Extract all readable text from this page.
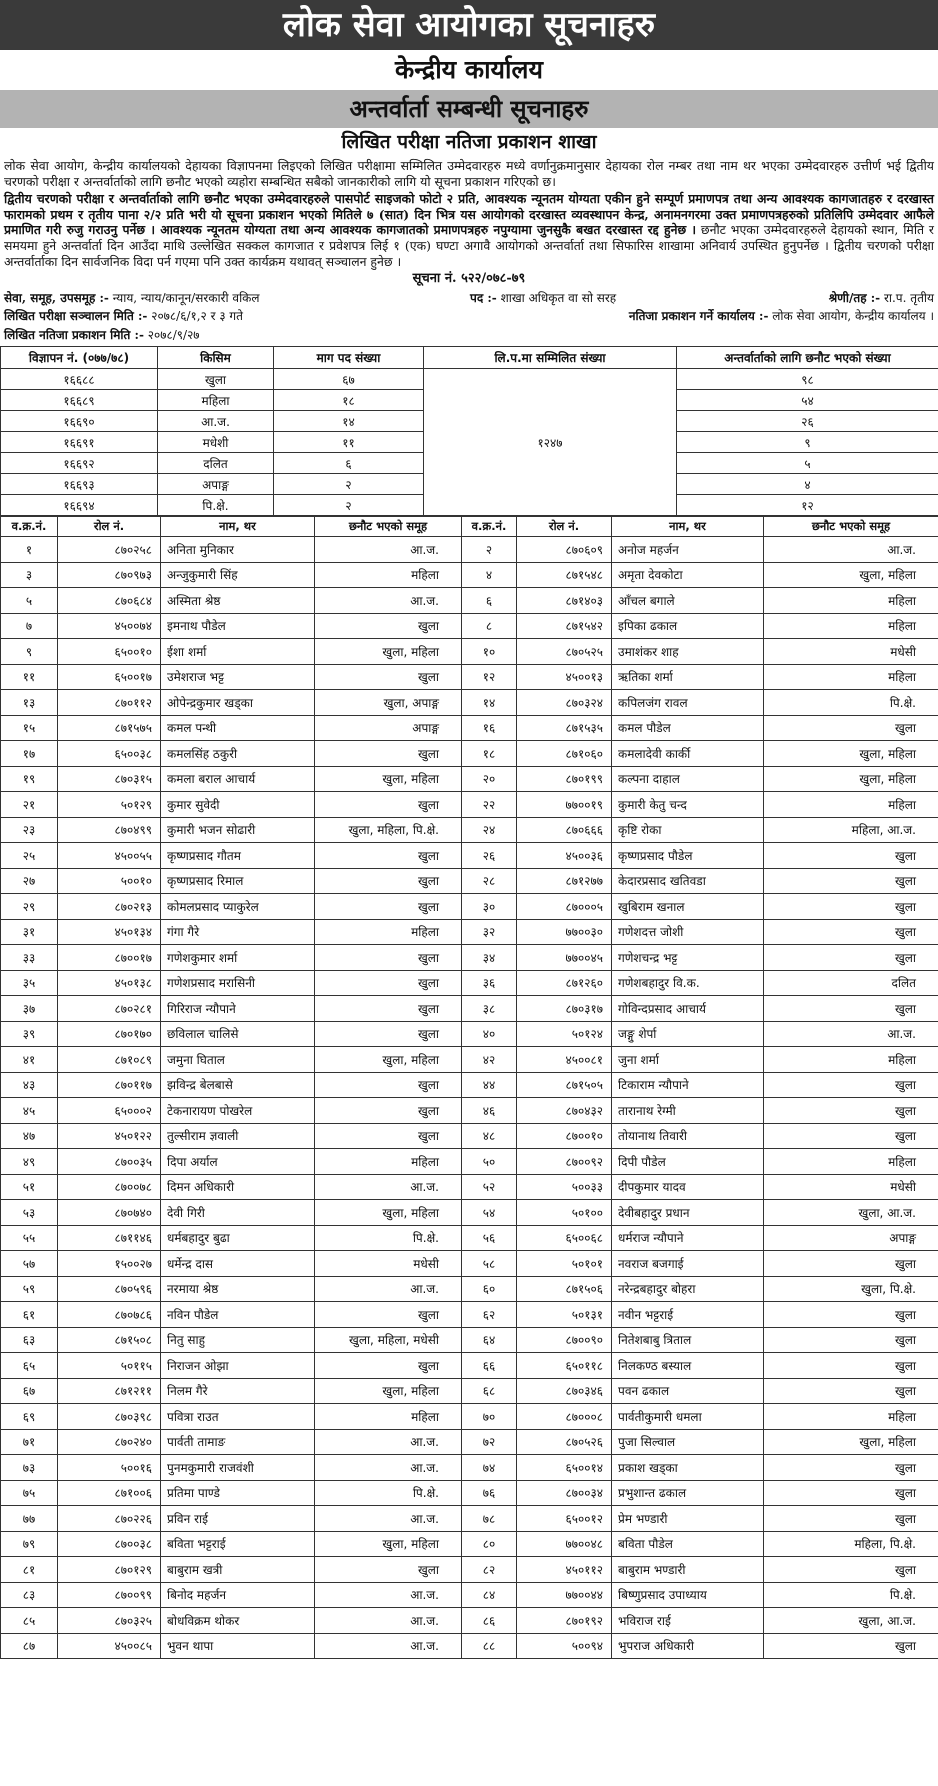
लोक सेवा आयोगका सूचनाहरु
केन्द्रीय कार्यालय
अन्तर्वार्ता सम्बन्धी सूचनाहरु
लिखित परीक्षा नतिजा प्रकाशन शाखा
लोक सेवा आयोग, केन्द्रीय कार्यालयको देहायका विज्ञापनमा लिइएको लिखित परीक्षामा सम्मिलित उम्मेदवारहरु मध्ये वर्णानुक्रमानुसार देहायका रोल नम्बर तथा नाम थर भएका उम्मेदवारहरु उत्तीर्ण भई द्वितीय चरणको परीक्षा र अन्तर्वार्ताको लागि छनौट भएको व्यहोरा सम्बन्धित सबैको जानकारीको लागि यो सूचना प्रकाशन गरिएको छ।
द्वितीय चरणको परीक्षा र अन्तर्वार्ताको लागि छनौट भएका उम्मेदवारहरुले पासपोर्ट साइजको फोटो २ प्रति, आवश्यक न्यूनतम योग्यता एकीन हुने सम्पूर्ण प्रमाणपत्र तथा अन्य आवश्यक कागजातहरु र दरखास्त फारामको प्रथम र तृतीय पाना २/२ प्रति भरी यो सूचना प्रकाशन भएको मितिले ७ (सात) दिन भित्र यस आयोगको दरखास्त व्यवस्थापन केन्द्र, अनामनगरमा उक्त प्रमाणपत्रहरुको प्रतिलिपि उम्मेदवार आफैले प्रमाणित गरी रुजु गराउनु पर्नेछ । आवश्यक न्यूनतम योग्यता तथा अन्य आवश्यक कागजातको प्रमाणपत्रहरु नपुग्यामा जुनसुकै बखत दरखास्त रद्द हुनेछ । छनौट भएका उम्मेदवारहरुले देहायको स्थान, मिति र समयमा हुने अन्तर्वार्ता दिन आउँदा माथि उल्लेखित सक्कल कागजात र प्रवेशपत्र लिई १ (एक) घण्टा अगावै आयोगको अन्तर्वार्ता तथा सिफारिस शाखामा अनिवार्य उपस्थित हुनुपर्नेछ । द्वितीय चरणको परीक्षा अन्तर्वार्ताका दिन सार्वजनिक विदा पर्न गएमा पनि उक्त कार्यक्रम यथावत् सञ्चालन हुनेछ ।
सूचना नं. ५२२/०७८-७९
सेवा, समूह, उपसमूह :- न्याय, न्याय/कानून/सरकारी वकिल	पद :- शाखा अधिकृत वा सो सरह	श्रेणी/तह :- रा.प. तृतीय
लिखित परीक्षा सञ्चालन मिति :- २०७८/६/१,२ र ३ गते	नतिजा प्रकाशन गर्ने कार्यालय :- लोक सेवा आयोग, केन्द्रीय कार्यालय ।
लिखित नतिजा प्रकाशन मिति :- २०७८/९/२७
विज्ञापन नं. (०७७/७८)	किसिम	माग पद संख्या	लि.प.मा सम्मिलित संख्या	अन्तर्वार्ताको लागि छनौट भएको संख्या
१६६८८	खुला	६७	१२४७	९८
१६६८९	महिला	१८		५४
१६६९०	आ.ज.	१४		२६
१६६९१	मधेशी	११		९
१६६९२	दलित	६		५
१६६९३	अपाङ्ग	२		४
१६६९४	पि.क्षे.	२		१२
व.क्र.नं.	रोल नं.	नाम, थर	छनौट भएको समूह	व.क्र.नं.	रोल नं.	नाम, थर	छनौट भएको समूह
१	८७०२५८	अनिता मुनिकार	आ.ज.	२	८७०६०९	अनोज महर्जन	आ.ज.
३	८७०९७३	अन्जुकुमारी सिंह	महिला	४	८७१५४८	अमृता देवकोटा	खुला, महिला
५	८७०६८४	अस्मिता श्रेष्ठ	आ.ज.	६	८७१४०३	आँचल बगाले	महिला
७	४५००७४	इमनाथ पौडेल	खुला	८	८७१५४२	इपिका ढकाल	महिला
९	६५००१०	ईशा शर्मा	खुला, महिला	१०	८७०५२५	उमाशंकर शाह	मधेसी
११	६५००१७	उमेशराज भट्ट	खुला	१२	४५००१३	ऋतिका शर्मा	महिला
१३	८७०११२	ओपेन्द्रकुमार खड्का	खुला, अपाङ्ग	१४	८७०३२४	कपिलजंग रावल	पि.क्षे.
१५	८७१५७५	कमल पन्थी	अपाङ्ग	१६	८७१५३५	कमल पौडेल	खुला
१७	६५००३८	कमलसिंह ठकुरी	खुला	१८	८७१०६०	कमलादेवी कार्की	खुला, महिला
१९	८७०३१५	कमला बराल आचार्य	खुला, महिला	२०	८७०१९९	कल्पना दाहाल	खुला, महिला
२१	५०१२९	कुमार सुवेदी	खुला	२२	७७००१९	कुमारी केतु चन्द	महिला
२३	८७०४९९	कुमारी भजन सोढारी	खुला, महिला, पि.क्षे.	२४	८७०६६६	कृष्टि रोका	महिला, आ.ज.
२५	४५००५५	कृष्णप्रसाद गौतम	खुला	२६	४५००३६	कृष्णप्रसाद पौडेल	खुला
२७	५००१०	कृष्णप्रसाद रिमाल	खुला	२८	८७१२७७	केदारप्रसाद खतिवडा	खुला
२९	८७०२१३	कोमलप्रसाद प्याकुरेल	खुला	३०	८७०००५	खुबिराम खनाल	खुला
३१	४५०१३४	गंगा गैरे	महिला	३२	७७००३०	गणेशदत्त जोशी	खुला
३३	८७००१७	गणेशकुमार शर्मा	खुला	३४	७७००४५	गणेशचन्द्र भट्ट	खुला
३५	४५०१३८	गणेशप्रसाद मरासिनी	खुला	३६	८७१२६०	गणेशबहादुर वि.क.	दलित
३७	८७०२८१	गिरिराज न्यौपाने	खुला	३८	८७०३१७	गोविन्दप्रसाद आचार्य	खुला
३९	८७०१७०	छविलाल चालिसे	खुला	४०	५०१२४	जङ्गु शेर्पा	आ.ज.
४१	८७१०८९	जमुना घिताल	खुला, महिला	४२	४५००८१	जुना शर्मा	महिला
४३	८७०११७	झविन्द्र बेलबासे	खुला	४४	८७१५०५	टिकाराम न्यौपाने	खुला
४५	६५०००२	टेकनारायण पोखरेल	खुला	४६	८७०४३२	तारानाथ रेग्मी	खुला
४७	४५०१२२	तुल्सीराम ज्ञवाली	खुला	४८	८७००१०	तोयानाथ तिवारी	खुला
४९	८७००३५	दिपा अर्याल	महिला	५०	८७००९२	दिपी पौडेल	महिला
५१	८७००७८	दिमन अधिकारी	आ.ज.	५२	५००३३	दीपकुमार यादव	मधेसी
५३	८७०७४०	देवी गिरी	खुला, महिला	५४	५०१००	देवीबहादुर प्रधान	खुला, आ.ज.
५५	८७११४६	धर्मबहादुर बुढा	पि.क्षे.	५६	६५००६८	धर्मराज न्यौपाने	अपाङ्ग
५७	१५००२७	धर्मेन्द्र दास	मधेसी	५८	५०१०१	नवराज बजगाई	खुला
५९	८७०५९६	नरमाया श्रेष्ठ	आ.ज.	६०	८७१५०६	नरेन्द्रबहादुर बोहरा	खुला, पि.क्षे.
६१	८७०७८६	नविन पौडेल	खुला	६२	५०१३१	नवीन भट्टराई	खुला
६३	८७१५०८	नितु साहु	खुला, महिला, मधेसी	६४	८७००९०	नितेशबाबु त्रिताल	खुला
६५	५०११५	निराजन ओझा	खुला	६६	६५०११८	निलकण्ठ बस्याल	खुला
६७	८७१२११	निलम गैरे	खुला, महिला	६८	८७०३४६	पवन ढकाल	खुला
६९	८७०३९८	पवित्रा राउत	महिला	७०	८७०००८	पार्वतीकुमारी धमला	महिला
७१	८७०२४०	पार्वती तामाङ	आ.ज.	७२	८७०५२६	पुजा सिल्वाल	खुला, महिला
७३	५००१६	पुनमकुमारी राजवंशी	आ.ज.	७४	६५००१४	प्रकाश खड्का	खुला
७५	८७१००६	प्रतिमा पाण्डे	पि.क्षे.	७६	८७००३४	प्रभुशान्त ढकाल	खुला
७७	८७०२२६	प्रविन राई	आ.ज.	७८	६५००१२	प्रेम भण्डारी	खुला
७९	८७००३८	बविता भट्टराई	खुला, महिला	८०	७७००४८	बविता पौडेल	महिला, पि.क्षे.
८१	८७०१२९	बाबुराम खत्री	खुला	८२	४५०११२	बाबुराम भण्डारी	खुला
८३	८७००९९	बिनोद महर्जन	आ.ज.	८४	७७००४४	बिष्णुप्रसाद उपाध्याय	पि.क्षे.
८५	८७०३२५	बोधविक्रम थोकर	आ.ज.	८६	८७०१९२	भविराज राई	खुला, आ.ज.
८७	४५००८५	भुवन थापा	आ.ज.	८८	५००९४	भुपराज अधिकारी	खुला
